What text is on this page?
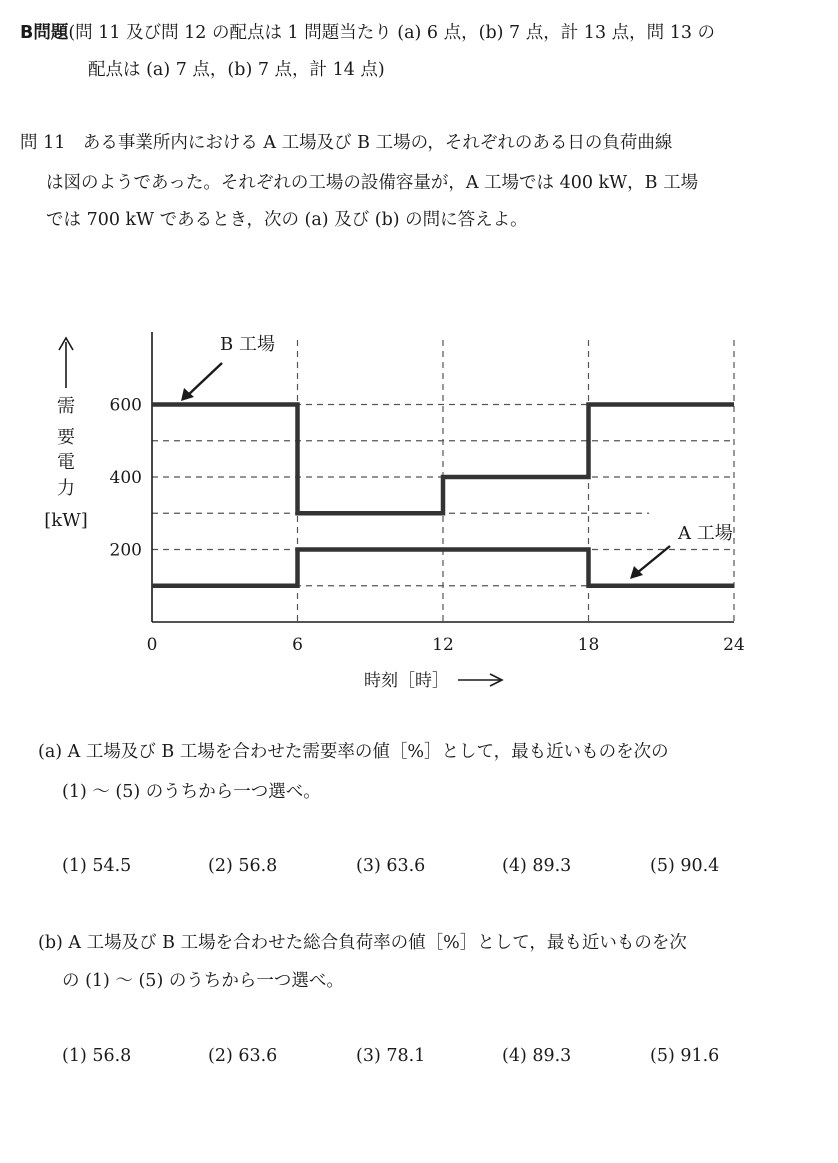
B問題(問 11 及び問 12 の配点は 1 問題当たり (a) 6 点，(b) 7 点，計 13 点，問 13 の
配点は (a) 7 点，(b) 7 点，計 14 点)
問 11　ある事業所内における A 工場及び B 工場の，それぞれのある日の負荷曲線
は図のようであった。それぞれの工場の設備容量が，A 工場では 400 kW，B 工場
では 700 kW であるとき，次の (a) 及び (b) の問に答えよ。
0	6	12	18	24
200
400
600
B 工場
A 工場
需
要
電
力
[kW]
時刻［時］
(a) A 工場及び B 工場を合わせた需要率の値［%］として，最も近いものを次の
(1) ～ (5) のうちから一つ選べ。
(1) 54.5	(2) 56.8	(3) 63.6	(4) 89.3	(5) 90.4
(b) A 工場及び B 工場を合わせた総合負荷率の値［%］として，最も近いものを次
の (1) ～ (5) のうちから一つ選べ。
(1) 56.8	(2) 63.6	(3) 78.1	(4) 89.3	(5) 91.6
